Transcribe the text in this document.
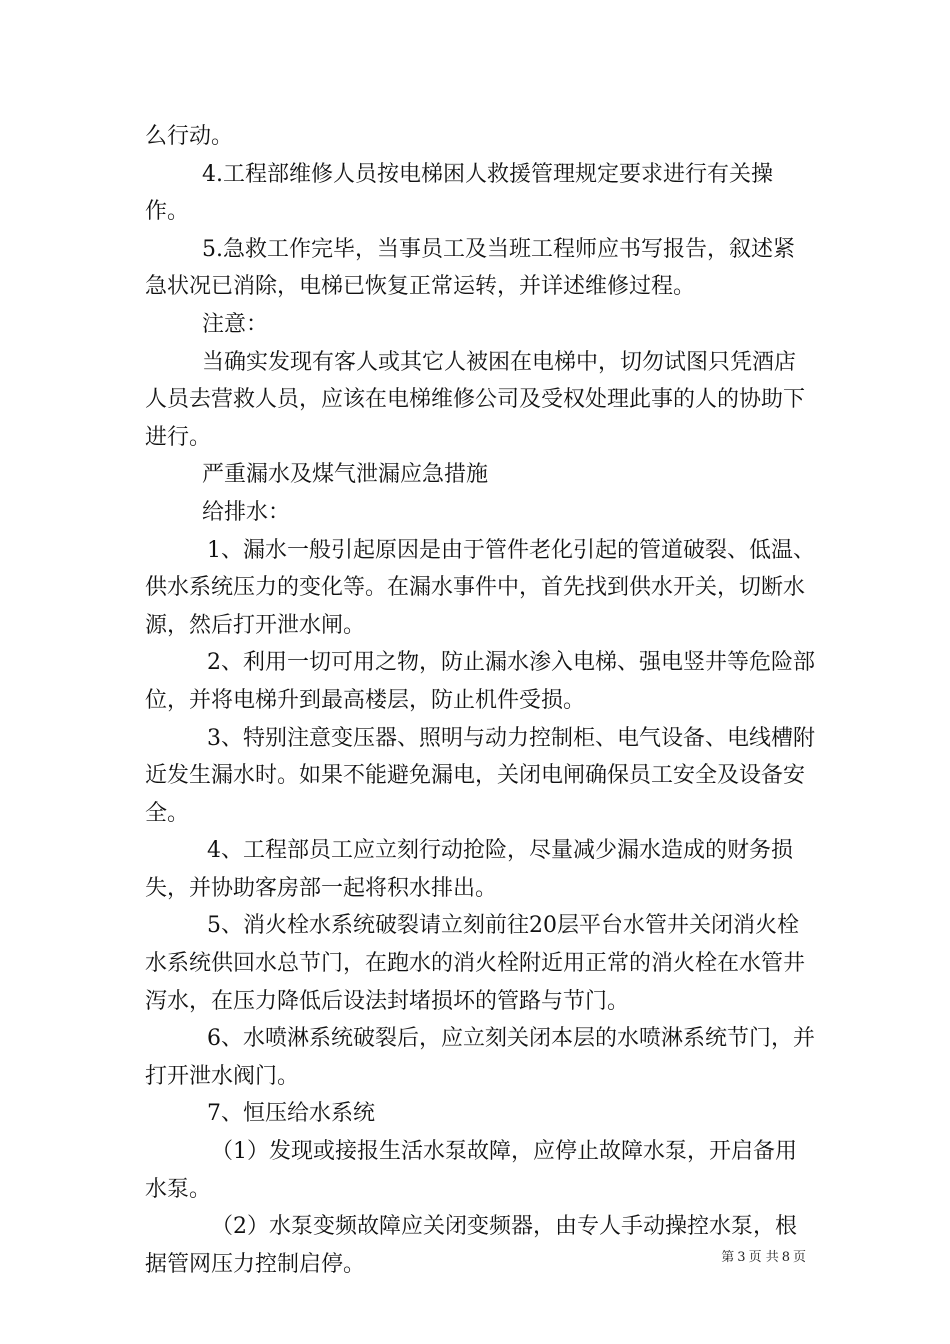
么行动。

4.工程部维修人员按电梯困人救援管理规定要求进行有关操作。

5.急救工作完毕，当事员工及当班工程师应书写报告，叙述紧急状况已消除，电梯已恢复正常运转，并详述维修过程。

注意：

当确实发现有客人或其它人被困在电梯中，切勿试图只凭酒店人员去营救人员，应该在电梯维修公司及受权处理此事的人的协助下进行。

严重漏水及煤气泄漏应急措施

给排水：

1、漏水一般引起原因是由于管件老化引起的管道破裂、低温、供水系统压力的变化等。在漏水事件中，首先找到供水开关，切断水源，然后打开泄水闸。

2、利用一切可用之物，防止漏水渗入电梯、强电竖井等危险部位，并将电梯升到最高楼层，防止机件受损。

3、特别注意变压器、照明与动力控制柜、电气设备、电线槽附近发生漏水时。如果不能避免漏电，关闭电闸确保员工安全及设备安全。

4、工程部员工应立刻行动抢险，尽量减少漏水造成的财务损失，并协助客房部一起将积水排出。

5、消火栓水系统破裂请立刻前往20层平台水管井关闭消火栓水系统供回水总节门，在跑水的消火栓附近用正常的消火栓在水管井泻水，在压力降低后设法封堵损坏的管路与节门。

6、水喷淋系统破裂后，应立刻关闭本层的水喷淋系统节门，并打开泄水阀门。

7、恒压给水系统

（1）发现或接报生活水泵故障，应停止故障水泵，开启备用水泵。

（2）水泵变频故障应关闭变频器，由专人手动操控水泵，根据管网压力控制启停。	第 3 页 共 8 页
